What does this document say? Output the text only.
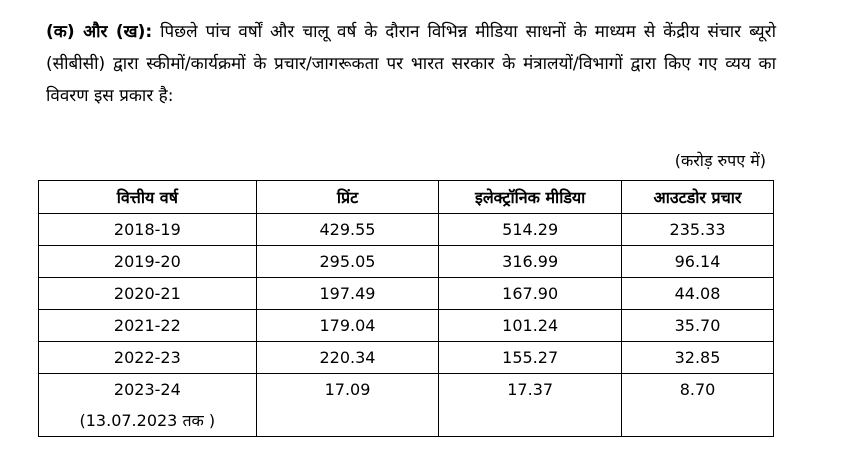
(क) और (ख): पिछले पांच वर्षों और चालू वर्ष के दौरान विभिन्न मीडिया साधनों के माध्यम से केंद्रीय संचार ब्यूरो (सीबीसी) द्वारा स्कीमों/कार्यक्रमों के प्रचार/जागरूकता पर भारत सरकार के मंत्रालयों/विभागों द्वारा किए गए व्यय का विवरण इस प्रकार है:
(करोड़ रुपए में)
वित्तीय वर्ष	प्रिंट	इलेक्ट्रॉनिक मीडिया	आउटडोर प्रचार
2018-19	429.55	514.29	235.33
2019-20	295.05	316.99	96.14
2020-21	197.49	167.90	44.08
2021-22	179.04	101.24	35.70
2022-23	220.34	155.27	32.85

2023-24
(13.07.2023 तक )	17.09	17.37	8.70
